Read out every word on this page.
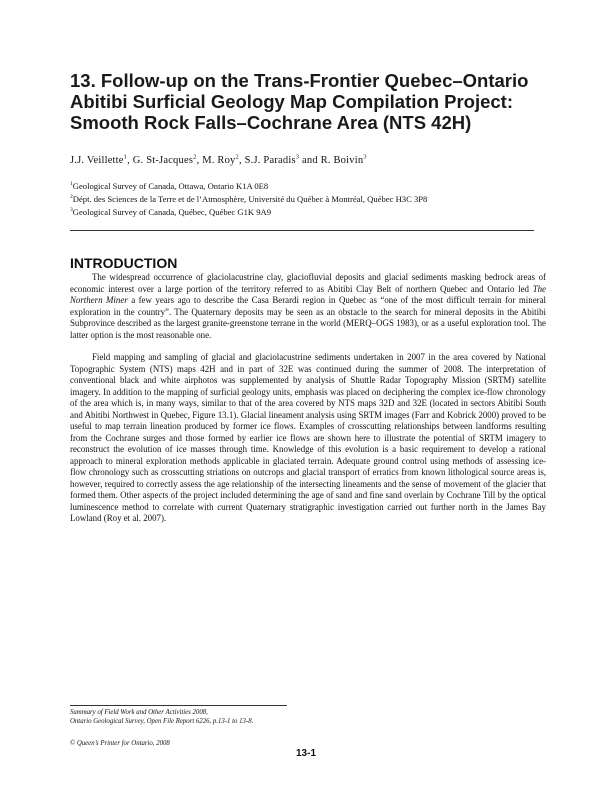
13. Follow-up on the Trans-Frontier Quebec–Ontario
Abitibi Surficial Geology Map Compilation Project:
Smooth Rock Falls–Cochrane Area (NTS 42H)

J.J. Veillette$^1$, G. St-Jacques$^2$, M. Roy$^2$, S.J. Paradis$^3$ and R. Boivin$^3$

$^1$Geological Survey of Canada, Ottawa, Ontario K1A 0E8
$^2$Dépt. des Sciences de la Terre et de l’Atmosphère, Université du Québec à Montréal, Québec H3C 3P8
$^3$Geological Survey of Canada, Québec, Québec G1K 9A9
INTRODUCTION

The widespread occurrence of glaciolacustrine clay, glaciofluvial deposits and glacial sediments masking bedrock areas of economic interest over a large portion of the territory referred to as Abitibi Clay Belt of northern Quebec and Ontario led The Northern Miner a few years ago to describe the Casa Berardi region in Quebec as “one of the most difficult terrain for mineral exploration in the country”. The Quaternary deposits may be seen as an obstacle to the search for mineral deposits in the Abitibi Subprovince described as the largest granite-greenstone terrane in the world (MERQ–OGS 1983), or as a useful exploration tool. The latter option is the most reasonable one.

Field mapping and sampling of glacial and glaciolacustrine sediments undertaken in 2007 in the area covered by National Topographic System (NTS) maps 42H and in part of 32E was continued during the summer of 2008. The interpretation of conventional black and white airphotos was supplemented by analysis of Shuttle Radar Topography Mission (SRTM) satellite imagery. In addition to the mapping of surficial geology units, emphasis was placed on deciphering the complex ice-flow chronology of the area which is, in many ways, similar to that of the area covered by NTS maps 32D and 32E (located in sectors Abitibi South and Abitibi Northwest in Quebec, Figure 13.1). Glacial lineament analysis using SRTM images (Farr and Kobrick 2000) proved to be useful to map terrain lineation produced by former ice flows. Examples of crosscutting relationships between landforms resulting from the Cochrane surges and those formed by earlier ice flows are shown here to illustrate the potential of SRTM imagery to reconstruct the evolution of ice masses through time. Knowledge of this evolution is a basic requirement to develop a rational approach to mineral exploration methods applicable in glaciated terrain. Adequate ground control using methods of assessing ice-flow chronology such as crosscutting striations on outcrops and glacial transport of erratics from known lithological source areas is, however, required to correctly assess the age relationship of the intersecting lineaments and the sense of movement of the glacier that formed them. Other aspects of the project included determining the age of sand and fine sand overlain by Cochrane Till by the optical luminescence method to correlate with current Quaternary stratigraphic investigation carried out further north in the James Bay Lowland (Roy et al. 2007).

Summary of Field Work and Other Activities 2008,
Ontario Geological Survey, Open File Report 6226, p.13-1 to 13-8.

© Queen’s Printer for Ontario, 2008

13-1
